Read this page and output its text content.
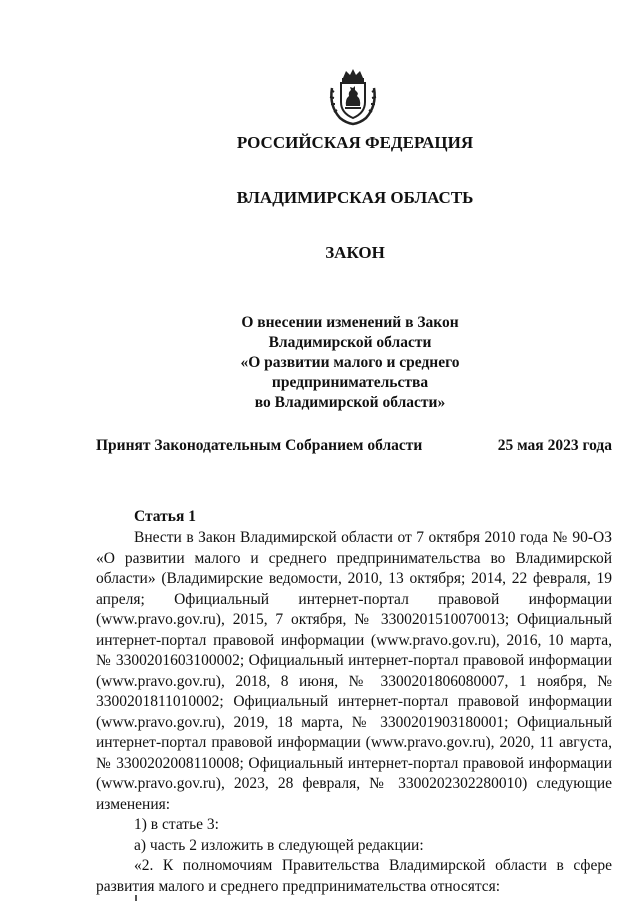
РОССИЙСКАЯ ФЕДЕРАЦИЯ
ВЛАДИМИРСКАЯ ОБЛАСТЬ
ЗАКОН
О внесении изменений в Закон
Владимирской области
«О развитии малого и среднего
предпринимательства
во Владимирской области»
Принят Законодательным Собранием области	25 мая 2023 года
Статья 1

Внести в Закон Владимирской области от 7 октября 2010 года № 90-ОЗ «О развитии малого и среднего предпринимательства во Владимирской области» (Владимирские ведомости, 2010, 13 октября; 2014, 22 февраля, 19 апреля; Официальный интернет-портал правовой информации (www.pravo.gov.ru), 2015, 7 октября, № 3300201510070013; Официальный интернет-портал правовой информации (www.pravo.gov.ru), 2016, 10 марта, № 3300201603100002; Официальный интернет-портал правовой информации (www.pravo.gov.ru), 2018, 8 июня, № 3300201806080007, 1 ноября, № 3300201811010002; Официальный интернет-портал правовой информации (www.pravo.gov.ru), 2019, 18 марта, № 3300201903180001; Официальный интернет-портал правовой информации (www.pravo.gov.ru), 2020, 11 августа, № 3300202008110008; Официальный интернет-портал правовой информации (www.pravo.gov.ru), 2023, 28 февраля, № 3300202302280010) следующие изменения:

1) в статье 3:

а) часть 2 изложить в следующей редакции:

«2. К полномочиям Правительства Владимирской области в сфере развития малого и среднего предпринимательства относятся:
